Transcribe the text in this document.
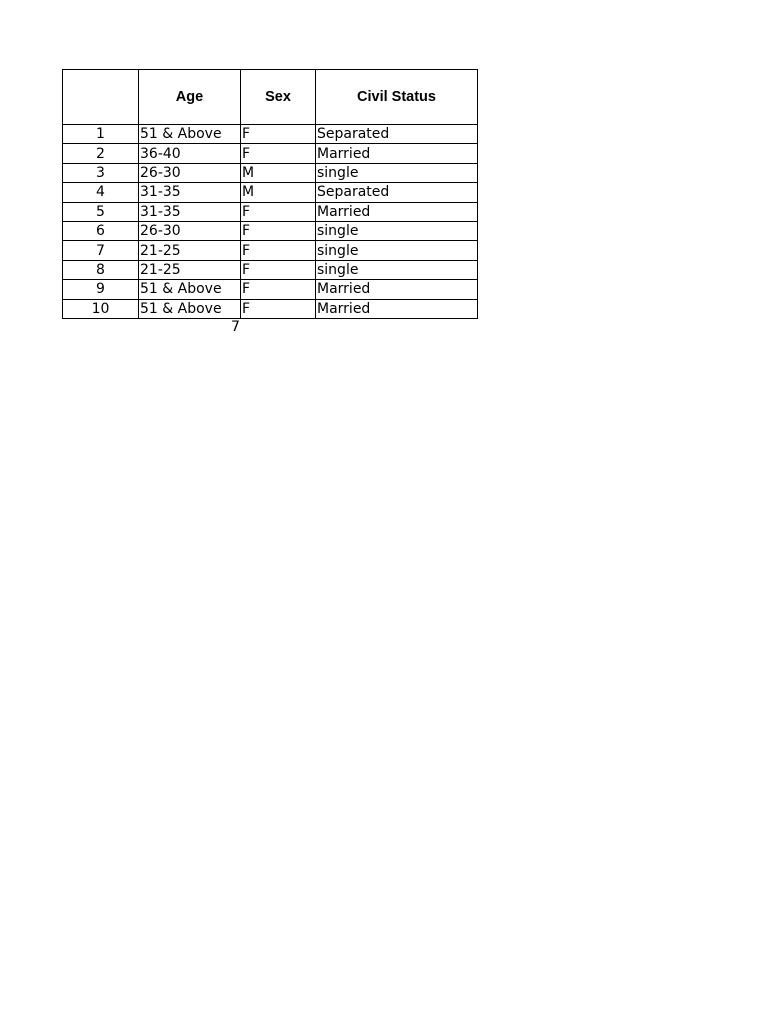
	Age	Sex	Civil Status
1	51 & Above	F	Separated
2	36-40	F	Married
3	26-30	M	single
4	31-35	M	Separated
5	31-35	F	Married
6	26-30	F	single
7	21-25	F	single
8	21-25	F	single
9	51 & Above	F	Married
10	51 & Above	F	Married
7
